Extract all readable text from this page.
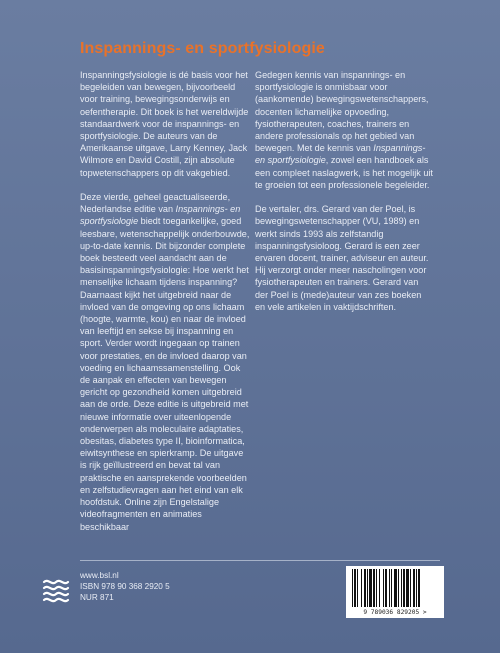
Inspannings- en sportfysiologie

Inspanningsfysiologie is dé basis voor het begeleiden van bewegen, bijvoorbeeld voor training, bewegingsonderwijs en oefentherapie. Dit boek is het wereldwijde standaardwerk voor de inspannings- en sportfysiologie. De auteurs van de Amerikaanse uitgave, Larry Kenney, Jack Wilmore en David Costill, zijn absolute topwetenschappers op dit vakgebied.

Deze vierde, geheel geactualiseerde, Nederlandse editie van Inspannings- en sportfysiologie biedt toegankelijke, goed leesbare, wetenschappelijk onderbouwde, up-to-date kennis. Dit bijzonder complete boek besteedt veel aandacht aan de basisinspanningsfysiologie: Hoe werkt het menselijke lichaam tijdens inspanning? Daarnaast kijkt het uitgebreid naar de invloed van de omgeving op ons lichaam (hoogte, warmte, kou) en naar de invloed van leeftijd en sekse bij inspanning en sport. Verder wordt ingegaan op trainen voor prestaties, en de invloed daarop van voeding en lichaamssamenstelling. Ook de aanpak en effecten van bewegen gericht op gezondheid komen uitgebreid aan de orde. Deze editie is uitgebreid met nieuwe informatie over uiteenlopende onderwerpen als moleculaire adaptaties, obesitas, diabetes type II, bioinformatica, eiwitsynthese en spierkramp. De uitgave is rijk geïllustreerd en bevat tal van praktische en aansprekende voorbeelden en zelfstudievragen aan het eind van elk hoofdstuk. Online zijn Engelstalige videofragmenten en animaties beschikbaar

Gedegen kennis van inspannings- en sportfysiologie is onmisbaar voor (aankomende) bewegingswetenschappers, docenten lichamelijke opvoeding, fysiotherapeuten, coaches, trainers en andere professionals op het gebied van bewegen. Met de kennis van Inspannings- en sportfysiologie, zowel een handboek als een compleet naslagwerk, is het mogelijk uit te groeien tot een professionele begeleider.

De vertaler, drs. Gerard van der Poel, is bewegingswetenschapper (VU, 1989) en werkt sinds 1993 als zelfstandig inspanningsfysioloog. Gerard is een zeer ervaren docent, trainer, adviseur en auteur. Hij verzorgt onder meer nascholingen voor fysiotherapeuten en trainers. Gerard van der Poel is (mede)auteur van zes boeken en vele artikelen in vaktijdschriften.

www.bsl.nl
ISBN 978 90 368 2920 5
NUR 871
9 789036 829205 >
